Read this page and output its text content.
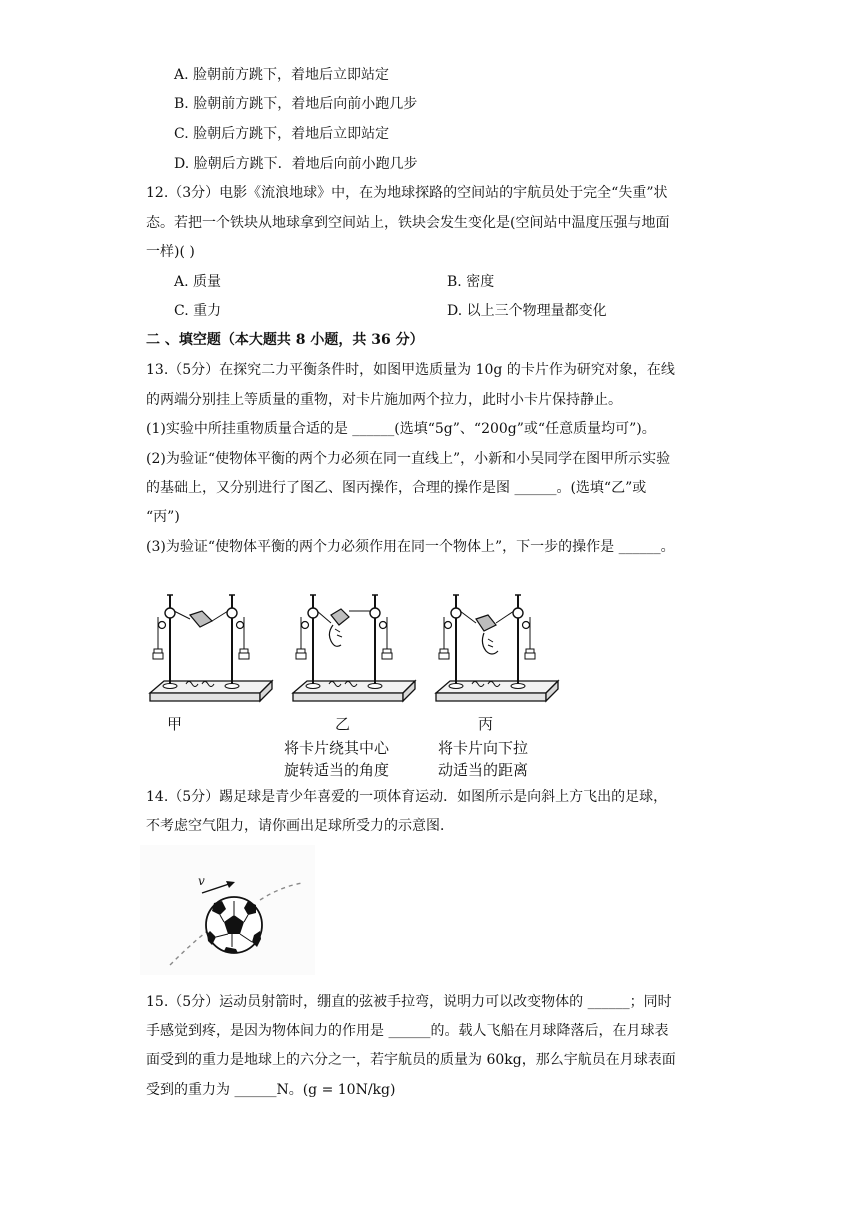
A. 脸朝前方跳下，着地后立即站定
B. 脸朝前方跳下，着地后向前小跑几步
C. 脸朝后方跳下，着地后立即站定
D. 脸朝后方跳下．着地后向前小跑几步
12.（3分）电影《流浪地球》中，在为地球探路的空间站的宇航员处于完全“失重”状
态。若把一个铁块从地球拿到空间站上，铁块会发生变化是(空间站中温度压强与地面
一样)( )
A. 质量	B. 密度
C. 重力	D. 以上三个物理量都变化
二 、填空题（本大题共 8 小题，共 36 分）
13.（5分）在探究二力平衡条件时，如图甲选质量为 10g 的卡片作为研究对象，在线
的两端分别挂上等质量的重物，对卡片施加两个拉力，此时小卡片保持静止。
(1)实验中所挂重物质量合适的是 ______(选填“5g”、“200g”或“任意质量均可”)。
(2)为验证“使物体平衡的两个力必须在同一直线上”，小新和小吴同学在图甲所示实验
的基础上，又分别进行了图乙、图丙操作，合理的操作是图 ______。(选填“乙”或
“丙”)
(3)为验证“使物体平衡的两个力必须作用在同一个物体上”，下一步的操作是 ______。
甲	乙	丙
将卡片绕其中心
旋转适当的角度
将卡片向下拉
动适当的距离
14.（5分）踢足球是青少年喜爱的一项体育运动．如图所示是向斜上方飞出的足球，
不考虑空气阻力，请你画出足球所受力的示意图．
v
15.（5分）运动员射箭时，绷直的弦被手拉弯，说明力可以改变物体的 ______；同时
手感觉到疼，是因为物体间力的作用是 ______的。载人飞船在月球降落后，在月球表
面受到的重力是地球上的六分之一，若宇航员的质量为 60kg，那么宇航员在月球表面
受到的重力为 ______N。(g = 10N/kg)
